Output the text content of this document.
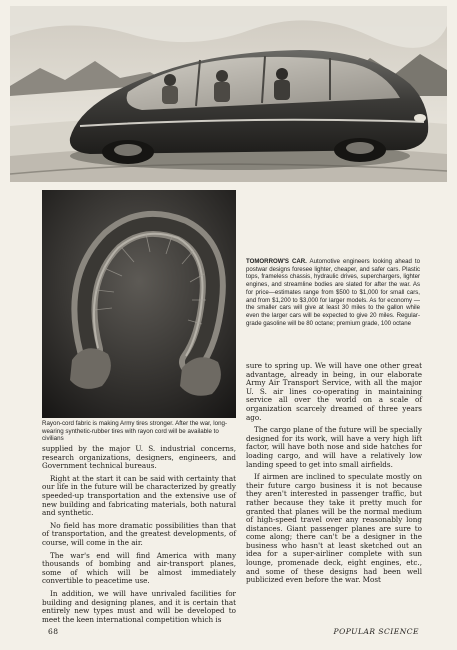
Rayon-cord fabric is making Army tires stronger. After the war, long-wearing synthetic-rubber tires with rayon cord will be available to civilians
TOMORROW'S CAR. Automotive engineers looking ahead to postwar designs foresee lighter, cheaper, and safer cars. Plastic tops, frameless chassis, hydraulic drives, superchargers, lighter engines, and streamline bodies are slated for after the war. As for price—estimates range from $500 to $1,000 for small cars, and from $1,200 to $3,000 for larger models. As for economy — the smaller cars will give at least 30 miles to the gallon while even the larger cars will be expected to give 20 miles. Regular-grade gasoline will be 80 octane; premium grade, 100 octane

supplied by the major U. S. industrial concerns, research organizations, designers, engineers, and Government technical bureaus.

Right at the start it can be said with certainty that our life in the future will be characterized by greatly speeded-up transportation and the extensive use of new building and fabricating materials, both natural and synthetic.

No field has more dramatic possibilities than that of transportation, and the greatest developments, of course, will come in the air.

The war's end will find America with many thousands of bombing and air-transport planes, some of which will be almost immediately convertible to peacetime use.

In addition, we will have unrivaled facilities for building and designing planes, and it is certain that entirely new types must and will be developed to meet the keen international competition which is

sure to spring up. We will have one other great advantage, already in being, in our elaborate Army Air Transport Service, with all the major U. S. air lines co-operating in maintaining service all over the world on a scale of organization scarcely dreamed of three years ago.

The cargo plane of the future will be specially designed for its work, will have a very high lift factor, will have both nose and side hatches for loading cargo, and will have a relatively low landing speed to get into small airfields.

If airmen are inclined to speculate mostly on their future cargo business it is not because they aren't interested in passenger traffic, but rather because they take it pretty much for granted that planes will be the normal medium of high-speed travel over any reasonably long distances. Giant passenger planes are sure to come along; there can't be a designer in the business who hasn't at least sketched out an idea for a super-airliner complete with sun lounge, promenade deck, eight engines, etc., and some of these designs had been well publicized even before the war. Most

68	POPULAR SCIENCE
